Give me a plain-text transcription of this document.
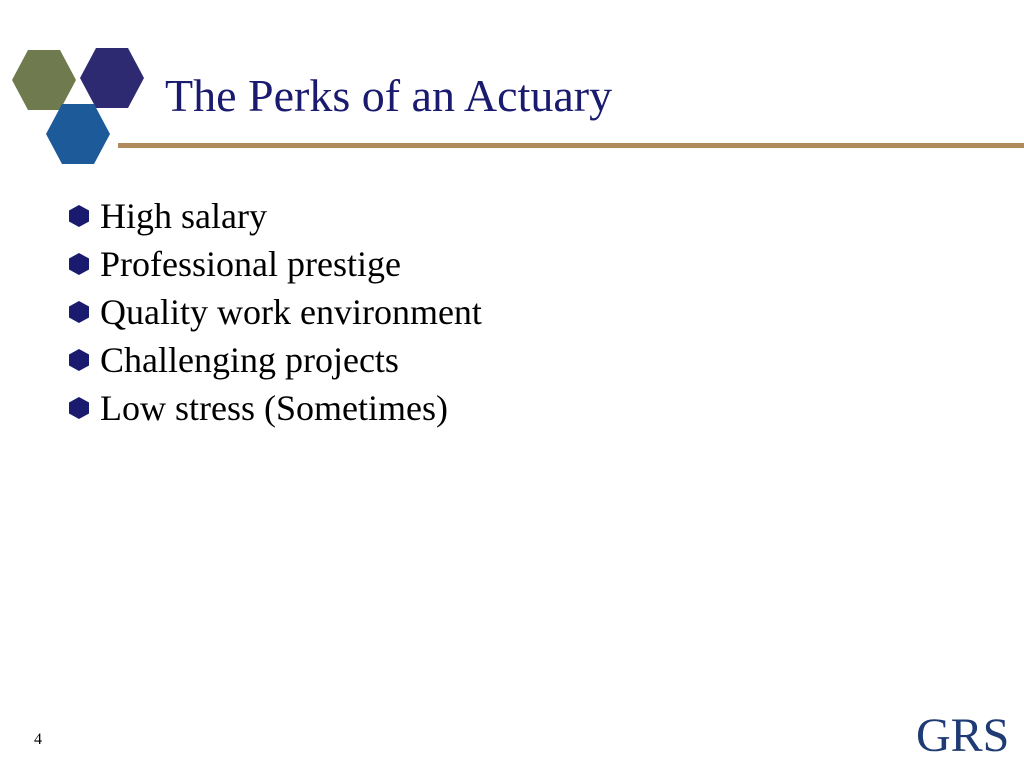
The Perks of an Actuary
High salary
Professional prestige
Quality work environment
Challenging projects
Low stress (Sometimes)
4	GRS
